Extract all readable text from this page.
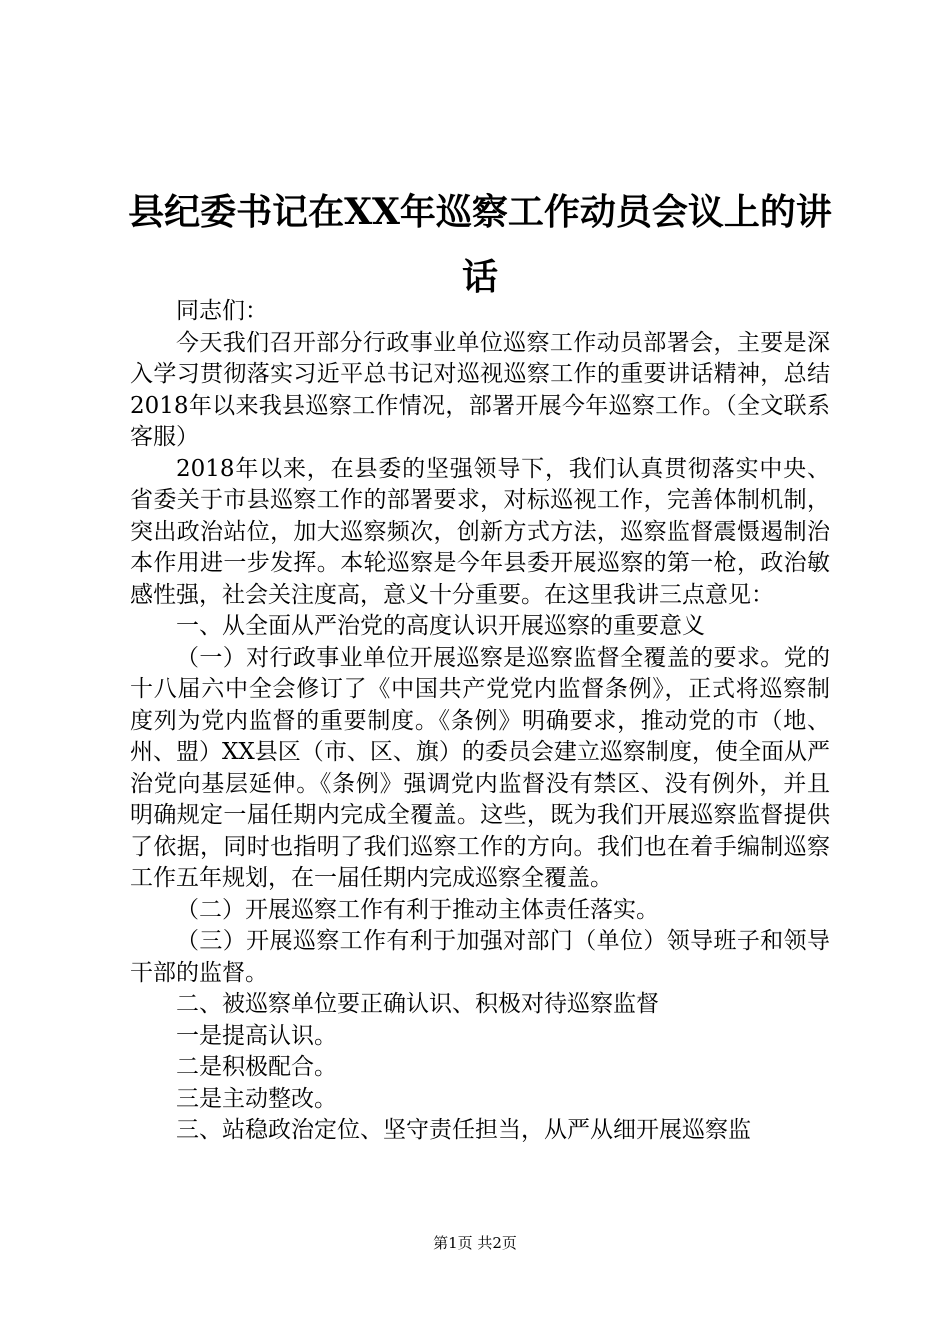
县纪委书记在XX年巡察工作动员会议上的讲话

同志们：

今天我们召开部分行政事业单位巡察工作动员部署会，主要是深入学习贯彻落实习近平总书记对巡视巡察工作的重要讲话精神，总结2018年以来我县巡察工作情况，部署开展今年巡察工作。（全文联系客服）

2018年以来，在县委的坚强领导下，我们认真贯彻落实中央、省委关于市县巡察工作的部署要求，对标巡视工作，完善体制机制，突出政治站位，加大巡察频次，创新方式方法，巡察监督震慑遏制治本作用进一步发挥。本轮巡察是今年县委开展巡察的第一枪，政治敏感性强，社会关注度高，意义十分重要。在这里我讲三点意见：

一、从全面从严治党的高度认识开展巡察的重要意义

（一）对行政事业单位开展巡察是巡察监督全覆盖的要求。党的十八届六中全会修订了《中国共产党党内监督条例》，正式将巡察制度列为党内监督的重要制度。《条例》明确要求，推动党的市（地、州、盟）XX县区（市、区、旗）的委员会建立巡察制度，使全面从严治党向基层延伸。《条例》强调党内监督没有禁区、没有例外，并且明确规定一届任期内完成全覆盖。这些，既为我们开展巡察监督提供了依据，同时也指明了我们巡察工作的方向。我们也在着手编制巡察工作五年规划，在一届任期内完成巡察全覆盖。

（二）开展巡察工作有利于推动主体责任落实。

（三）开展巡察工作有利于加强对部门（单位）领导班子和领导干部的监督。

二、被巡察单位要正确认识、积极对待巡察监督

一是提高认识。

二是积极配合。

三是主动整改。

三、站稳政治定位、坚守责任担当，从严从细开展巡察监

第1页 共2页
